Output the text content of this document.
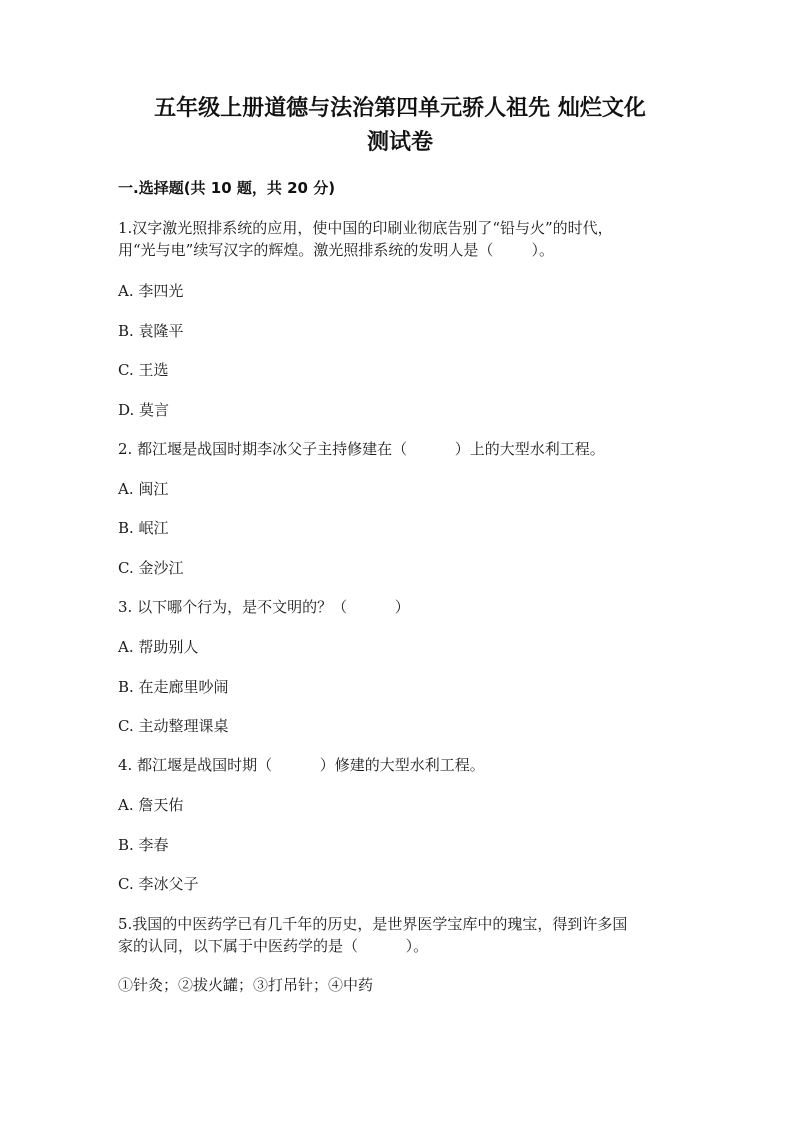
五年级上册道德与法治第四单元骄人祖先 灿烂文化
测试卷
一.选择题(共 10 题，共 20 分)

1.汉字激光照排系统的应用，使中国的印刷业彻底告别了“铅与火”的时代，

用“光与电”续写汉字的辉煌。激光照排系统的发明人是（        ）。

A. 李四光

B. 袁隆平

C. 王选

D. 莫言

2. 都江堰是战国时期李冰父子主持修建在（          ）上的大型水利工程。

A. 闽江

B. 岷江

C. 金沙江

3. 以下哪个行为，是不文明的？（          ）

A. 帮助别人

B. 在走廊里吵闹

C. 主动整理课桌

4. 都江堰是战国时期（          ）修建的大型水利工程。

A. 詹天佑

B. 李春

C. 李冰父子

5.我国的中医药学已有几千年的历史，是世界医学宝库中的瑰宝，得到许多国

家的认同，以下属于中医药学的是（          ）。

①针灸；②拔火罐；③打吊针；④中药
